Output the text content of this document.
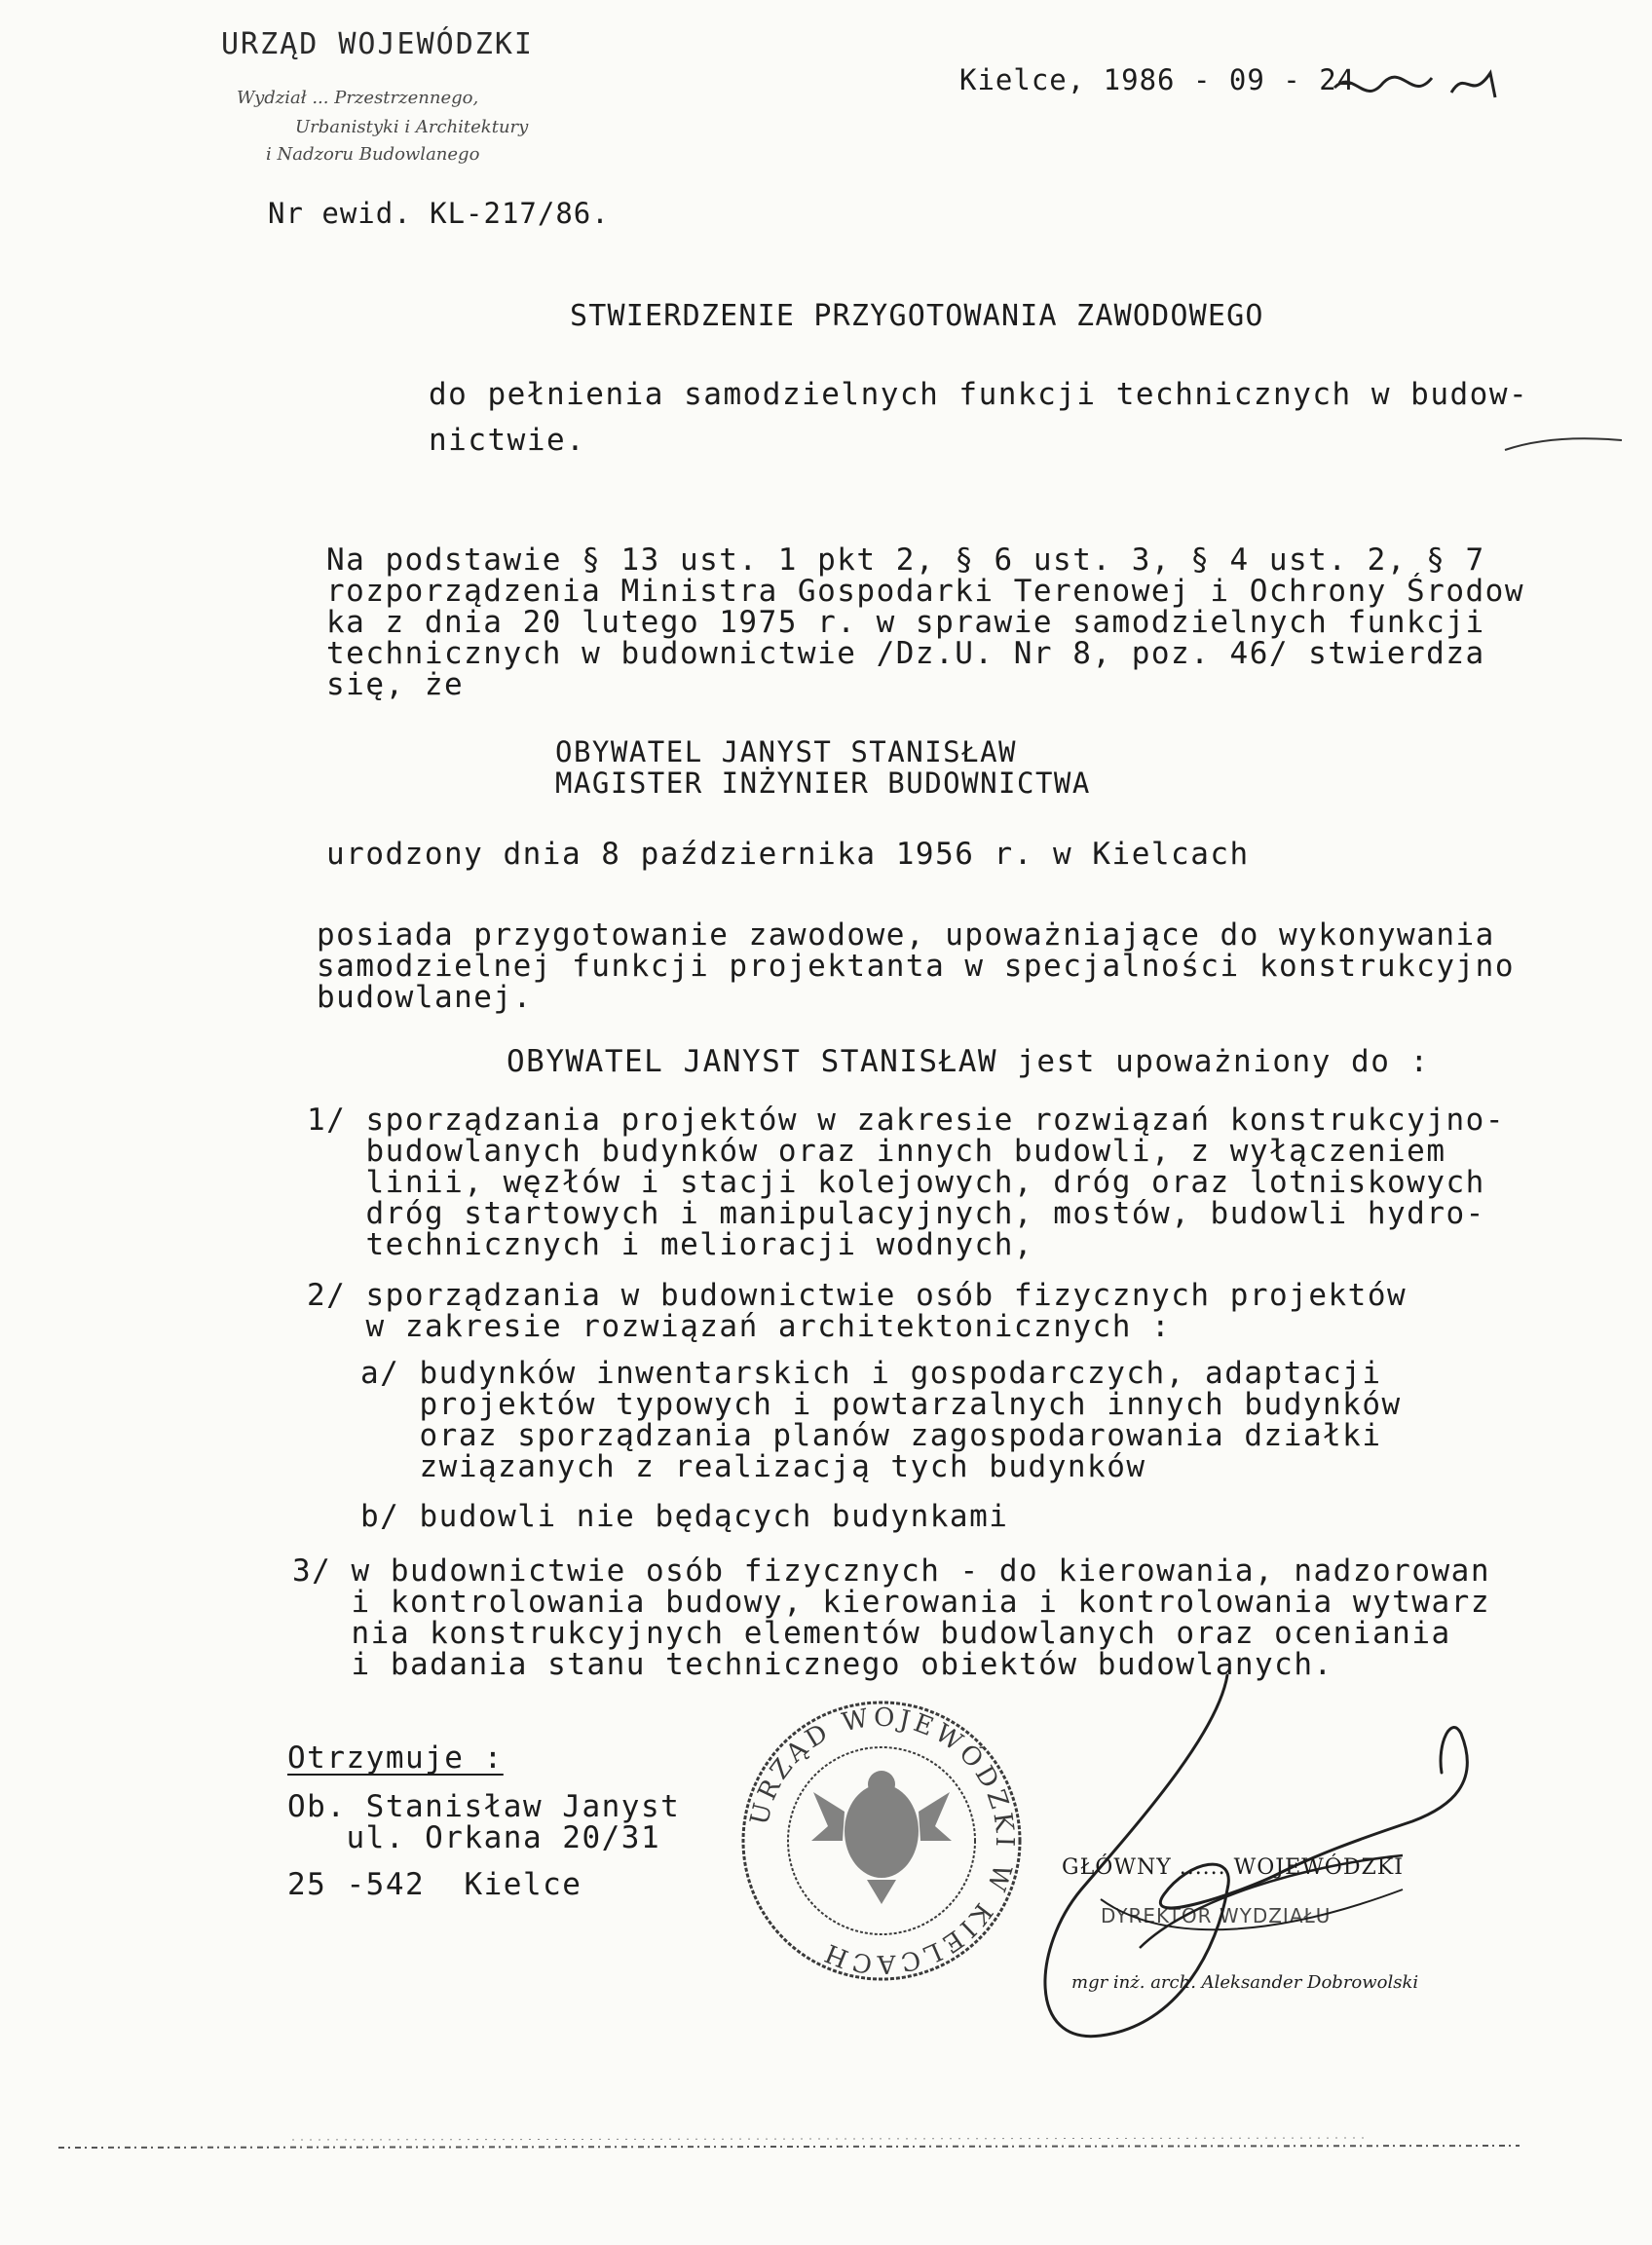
URZĄD WOJEWÓDZKI
Wydział ... Przestrzennego,
Urbanistyki i Architektury
i Nadzoru Budowlanego
Nr ewid. KL-217/86.
Kielce, 1986 - 09 - 24
STWIERDZENIE PRZYGOTOWANIA ZAWODOWEGO
do pełnienia samodzielnych funkcji technicznych w budow-
nictwie.
Na podstawie § 13 ust. 1 pkt 2, § 6 ust. 3, § 4 ust. 2, § 7
rozporządzenia Ministra Gospodarki Terenowej i Ochrony Środow
ka z dnia 20 lutego 1975 r. w sprawie samodzielnych funkcji
technicznych w budownictwie /Dz.U. Nr 8, poz. 46/ stwierdza
się, że
OBYWATEL JANYST STANISŁAW
MAGISTER INŻYNIER BUDOWNICTWA
urodzony dnia 8 października 1956 r. w Kielcach
posiada przygotowanie zawodowe, upoważniające do wykonywania
samodzielnej funkcji projektanta w specjalności konstrukcyjno
budowlanej.
OBYWATEL JANYST STANISŁAW jest upoważniony do :
1/ sporządzania projektów w zakresie rozwiązań konstrukcyjno-
budowlanych budynków oraz innych budowli, z wyłączeniem
linii, węzłów i stacji kolejowych, dróg oraz lotniskowych
dróg startowych i manipulacyjnych, mostów, budowli hydro-
technicznych i melioracji wodnych,
2/ sporządzania w budownictwie osób fizycznych projektów
w zakresie rozwiązań architektonicznych :
a/ budynków inwentarskich i gospodarczych, adaptacji
projektów typowych i powtarzalnych innych budynków
oraz sporządzania planów zagospodarowania działki
związanych z realizacją tych budynków
b/ budowli nie będących budynkami
3/ w budownictwie osób fizycznych - do kierowania, nadzorowan
i kontrolowania budowy, kierowania i kontrolowania wytwarz
nia konstrukcyjnych elementów budowlanych oraz oceniania
i badania stanu technicznego obiektów budowlanych.
Otrzymuje :
Ob. Stanisław Janyst
ul. Orkana 20/31
25 -542  Kielce
URZĄD WOJEWÓDZKI W KIELCACH
GŁÓWNY ...... WOJEWÓDZKI
DYREKTOR WYDZIAŁU
mgr inż. arch. Aleksander Dobrowolski
